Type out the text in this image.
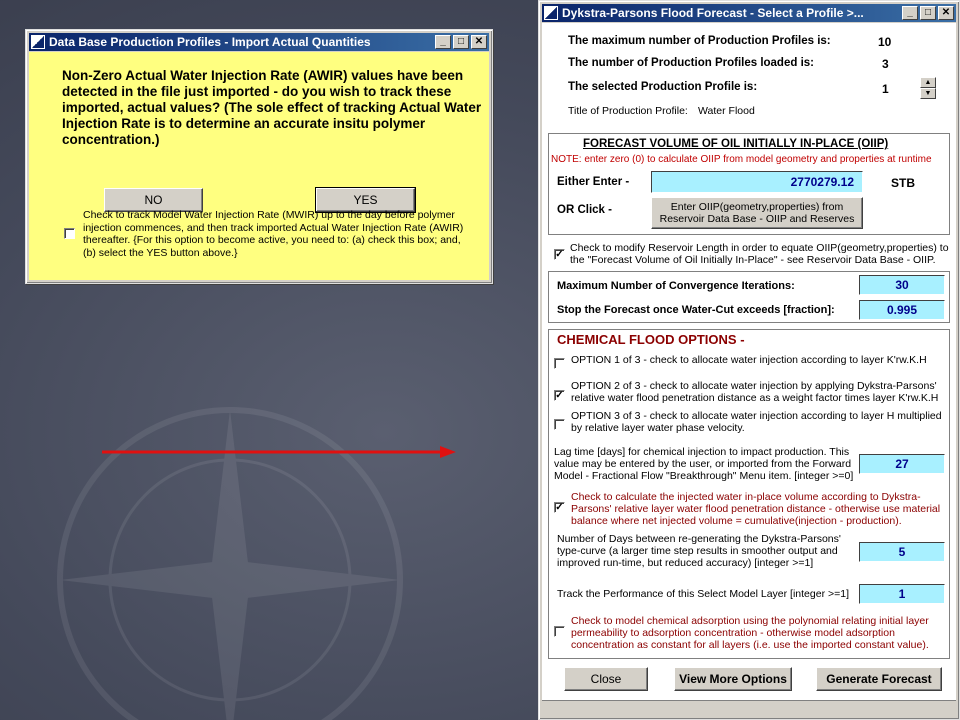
Data Base Production Profiles - Import Actual Quantities	_	□	✕
Non-Zero Actual Water Injection Rate (AWIR) values have been detected in the file just imported - do you wish to track these imported, actual values? (The sole effect of tracking Actual Water Injection Rate is to determine an accurate insitu polymer concentration.)
NO	YES
Check to track Model Water Injection Rate (MWIR) up to the day before polymer injection commences, and then track imported Actual Water Injection Rate (AWIR) thereafter. {For this option to become active, you need to: (a) check this box; and, (b) select the YES button above.}
Dykstra-Parsons Flood Forecast - Select a Profile >...	_	□	✕
The maximum number of Production Profiles is:	10
The number of Production Profiles loaded is:	3
The selected Production Profile is:	1	▲
▼
Title of Production Profile: Water Flood
FORECAST VOLUME OF OIL INITIALLY IN-PLACE (OIIP)
NOTE: enter zero (0) to calculate OIIP from model geometry and properties at runtime
Either Enter -	2770279.12	STB
OR Click -	Enter OIIP(geometry,properties) from Reservoir Data Base - OIIP and Reserves
✓
Check to modify Reservoir Length in order to equate OIIP(geometry,properties) to the "Forecast Volume of Oil Initially In-Place" - see Reservoir Data Base - OIIP.
Maximum Number of Convergence Iterations:	30
Stop the Forecast once Water-Cut exceeds [fraction]:	0.995
CHEMICAL FLOOD OPTIONS -
OPTION 1 of 3 - check to allocate water injection according to layer K'rw.K.H
✓
OPTION 2 of 3 - check to allocate water injection by applying Dykstra-Parsons' relative water flood penetration distance as a weight factor times layer K'rw.K.H
OPTION 3 of 3 - check to allocate water injection according to layer H multiplied by relative layer water phase velocity.
Lag time [days] for chemical injection to impact production. This value may be entered by the user, or imported from the Forward Model - Fractional Flow "Breakthrough" Menu item. [integer >=0]
27
✓
Check to calculate the injected water in-place volume according to Dykstra-Parsons' relative layer water flood penetration distance - otherwise use material balance where net injected volume = cumulative(injection - production).
Number of Days between re-generating the Dykstra-Parsons' type-curve (a larger time step results in smoother output and improved run-time, but reduced accuracy) [integer >=1]
5
Track the Performance of this Select Model Layer [integer >=1]	1
Check to model chemical adsorption using the polynomial relating initial layer permeability to adsorption concentration - otherwise model adsorption concentration as constant for all layers (i.e. use the imported constant value).
Close	View More Options	Generate Forecast
